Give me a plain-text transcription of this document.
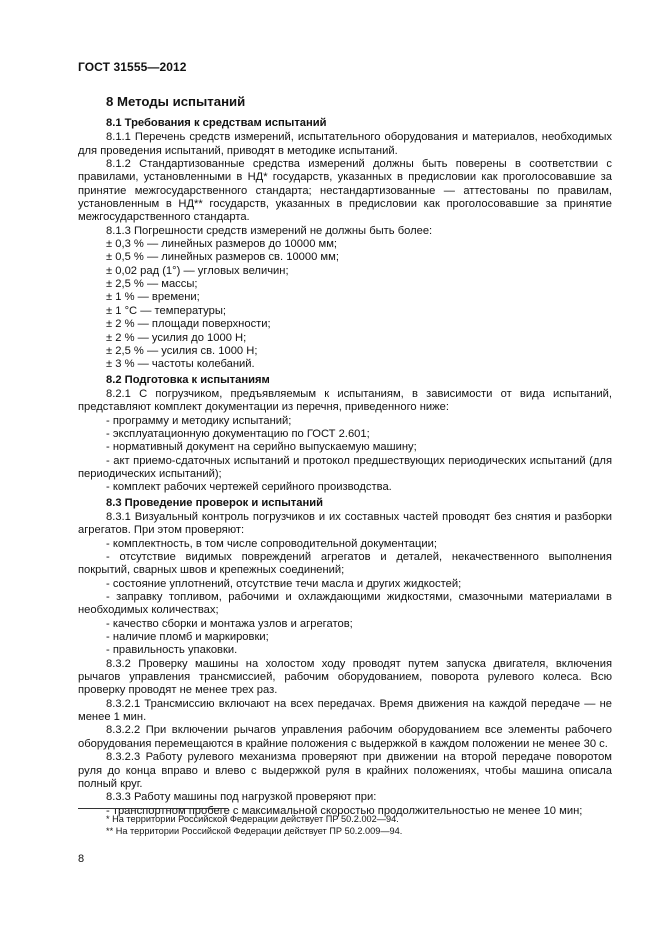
ГОСТ 31555—2012
8 Методы испытаний
8.1 Требования к средствам испытаний

8.1.1 Перечень средств измерений, испытательного оборудования и материалов, необходимых для проведения испытаний, приводят в методике испытаний.

8.1.2 Стандартизованные средства измерений должны быть поверены в соответствии с правилами, установленными в НД* государств, указанных в предисловии как проголосовавшие за принятие межгосударственного стандарта; нестандартизованные — аттестованы по правилам, установленным в НД** государств, указанных в предисловии как проголосовавшие за принятие межгосударственного стандарта.

8.1.3 Погрешности средств измерений не должны быть более:

± 0,3 % — линейных размеров до 10000 мм;
± 0,5 % — линейных размеров св. 10000 мм;
± 0,02 рад (1°) — угловых величин;
± 2,5 % — массы;
± 1 % — времени;
± 1 °С — температуры;
± 2 % — площади поверхности;
± 2 % — усилия до 1000 Н;
± 2,5 % — усилия св. 1000 Н;
± 3 % — частоты колебаний.
8.2 Подготовка к испытаниям

8.2.1 С погрузчиком, предъявляемым к испытаниям, в зависимости от вида испытаний, представляют комплект документации из перечня, приведенного ниже:

- программу и методику испытаний;
- эксплуатационную документацию по ГОСТ 2.601;
- нормативный документ на серийно выпускаемую машину;
- акт приемо-сдаточных испытаний и протокол предшествующих периодических испытаний (для периодических испытаний);
- комплект рабочих чертежей серийного производства.
8.3 Проведение проверок и испытаний

8.3.1 Визуальный контроль погрузчиков и их составных частей проводят без снятия и разборки агрегатов. При этом проверяют:

- комплектность, в том числе сопроводительной документации;
- отсутствие видимых повреждений агрегатов и деталей, некачественного выполнения покрытий, сварных швов и крепежных соединений;
- состояние уплотнений, отсутствие течи масла и других жидкостей;
- заправку топливом, рабочими и охлаждающими жидкостями, смазочными материалами в необходимых количествах;
- качество сборки и монтажа узлов и агрегатов;
- наличие пломб и маркировки;
- правильность упаковки.

8.3.2 Проверку машины на холостом ходу проводят путем запуска двигателя, включения рычагов управления трансмиссией, рабочим оборудованием, поворота рулевого колеса. Всю проверку проводят не менее трех раз.

8.3.2.1 Трансмиссию включают на всех передачах. Время движения на каждой передаче — не менее 1 мин.

8.3.2.2 При включении рычагов управления рабочим оборудованием все элементы рабочего оборудования перемещаются в крайние положения с выдержкой в каждом положении не менее 30 с.

8.3.2.3 Работу рулевого механизма проверяют при движении на второй передаче поворотом руля до конца вправо и влево с выдержкой руля в крайних положениях, чтобы машина описала полный круг.

8.3.3 Работу машины под нагрузкой проверяют при:

- транспортном пробеге с максимальной скоростью продолжительностью не менее 10 мин;
* На территории Российской Федерации действует ПР 50.2.002—94.
** На территории Российской Федерации действует ПР 50.2.009—94.
8
